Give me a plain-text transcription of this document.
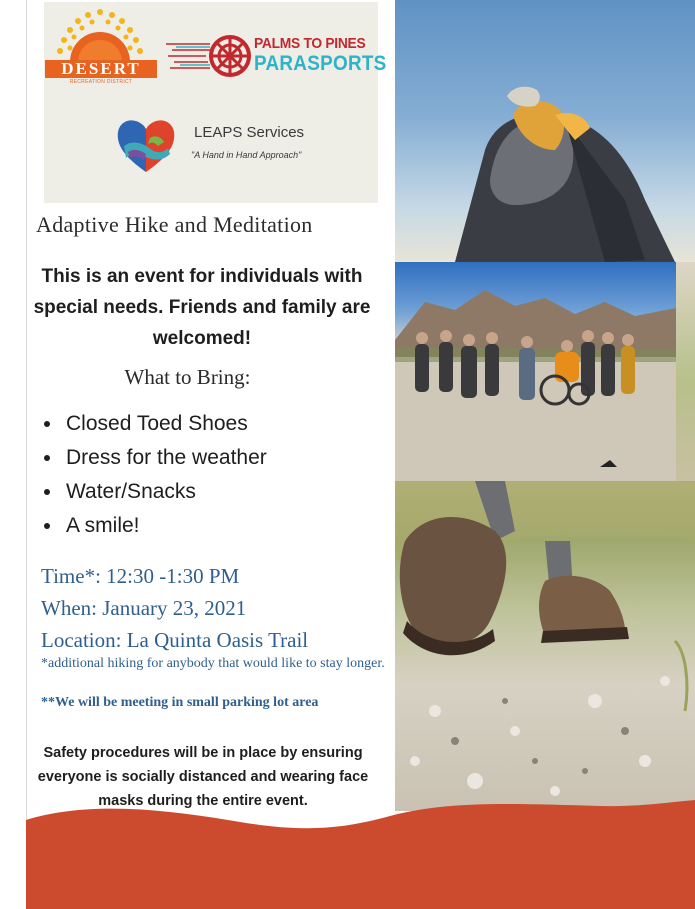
DESERT
RECREATION DISTRICT
PALMS TO PINES
PARASPORTS
LEAPS Services
"A Hand in Hand Approach"
Adaptive Hike and Meditation
This is an event for individuals with special needs. Friends and family are welcomed!
What to Bring:
Closed Toed Shoes
Dress for the weather
Water/Snacks
A smile!
Time*: 12:30 -1:30 PM
When: January 23, 2021
Location: La Quinta Oasis Trail
*additional hiking for anybody that would like to stay longer.
**We will be meeting in small parking lot area
Safety procedures will be in place by ensuring everyone is socially distanced and wearing face masks during the entire event.
